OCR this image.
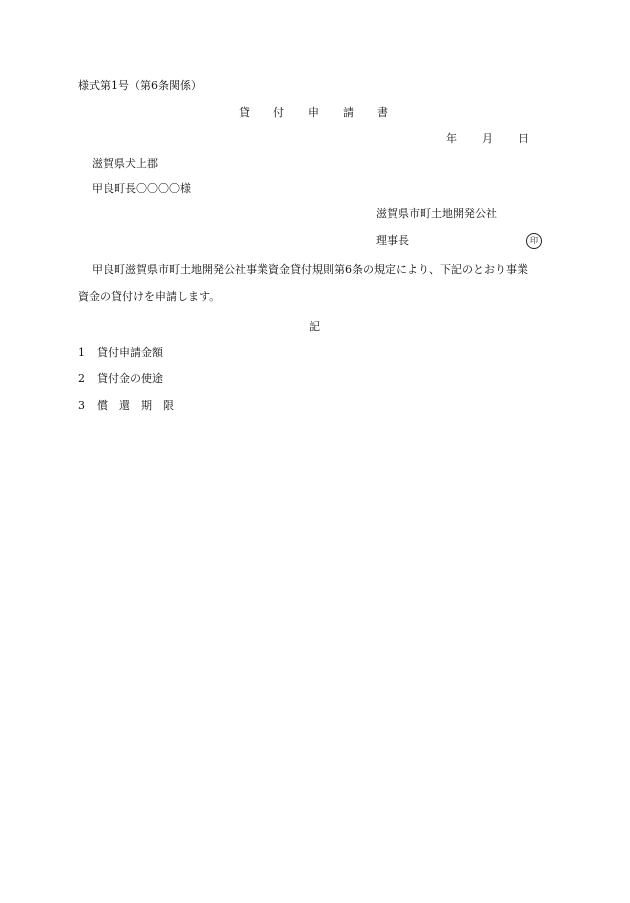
様式第1号（第6条関係）
貸 付 申 請 書
年 月 日
滋賀県犬上郡
甲良町長〇〇〇〇様
滋賀県市町土地開発公社
理事長	印
甲良町滋賀県市町土地開発公社事業資金貸付規則第6条の規定により、下記のとおり事業
資金の貸付けを申請します。
記
1 貸付申請金額
2 貸付金の使途
3 償　還　期　限
